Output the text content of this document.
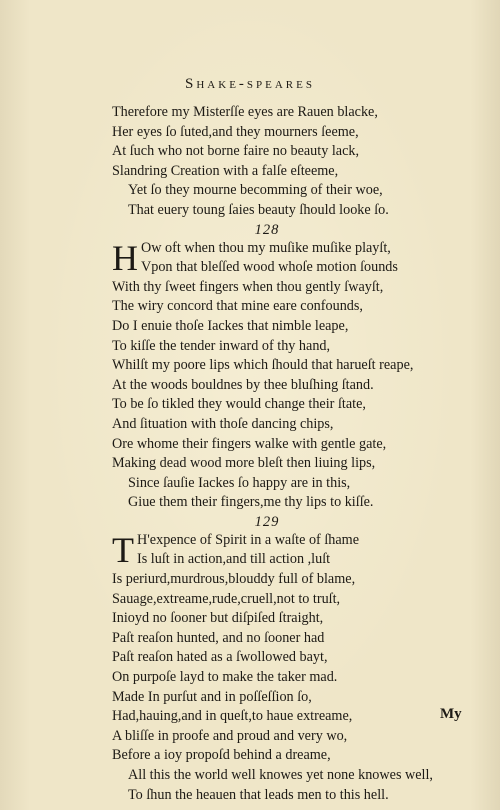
Shake-speares
Therefore my Misterſſe eyes are Rauen blacke,
Her eyes ſo ſuted,and they mourners ſeeme,
At ſuch who not borne faire no beauty lack,
Slandring Creation with a falſe eſteeme,
Yet ſo they mourne becomming of their woe,
That euery toung ſaies beauty ſhould looke ſo.
128
H Ow oft when thou my muſike muſike playſt,
Vpon that bleſſed wood whoſe motion ſounds
With thy ſweet fingers when thou gently ſwayſt,
The wiry concord that mine eare confounds,
Do I enuie thoſe Iackes that nimble leape,
To kiſſe the tender inward of thy hand,
Whilſt my poore lips which ſhould that harueſt reape,
At the woods bouldnes by thee bluſhing ſtand.
To be ſo tikled they would change their ſtate,
And ſituation with thoſe dancing chips,
Ore whome their fingers walke with gentle gate,
Making dead wood more bleſt then liuing lips,
Since ſauſie Iackes ſo happy are in this,
Giue them their fingers,me thy lips to kiſſe.
129
T H'expence of Spirit in a waſte of ſhame
Is luſt in action,and till action ,luſt
Is periurd,murdrous,blouddy full of blame,
Sauage,extreame,rude,cruell,not to truſt,
Inioyd no ſooner but diſpiſed ſtraight,
Paſt reaſon hunted, and no ſooner had
Paſt reaſon hated as a ſwollowed bayt,
On purpoſe layd to make the taker mad.
Made In purſut and in poſſeſſion ſo,
Had,hauing,and in queſt,to haue extreame,
A bliſſe in proofe and proud and very wo,
Before a ioy propoſd behind a dreame,
All this the world well knowes yet none knowes well,
To ſhun the heauen that leads men to this hell.
My
